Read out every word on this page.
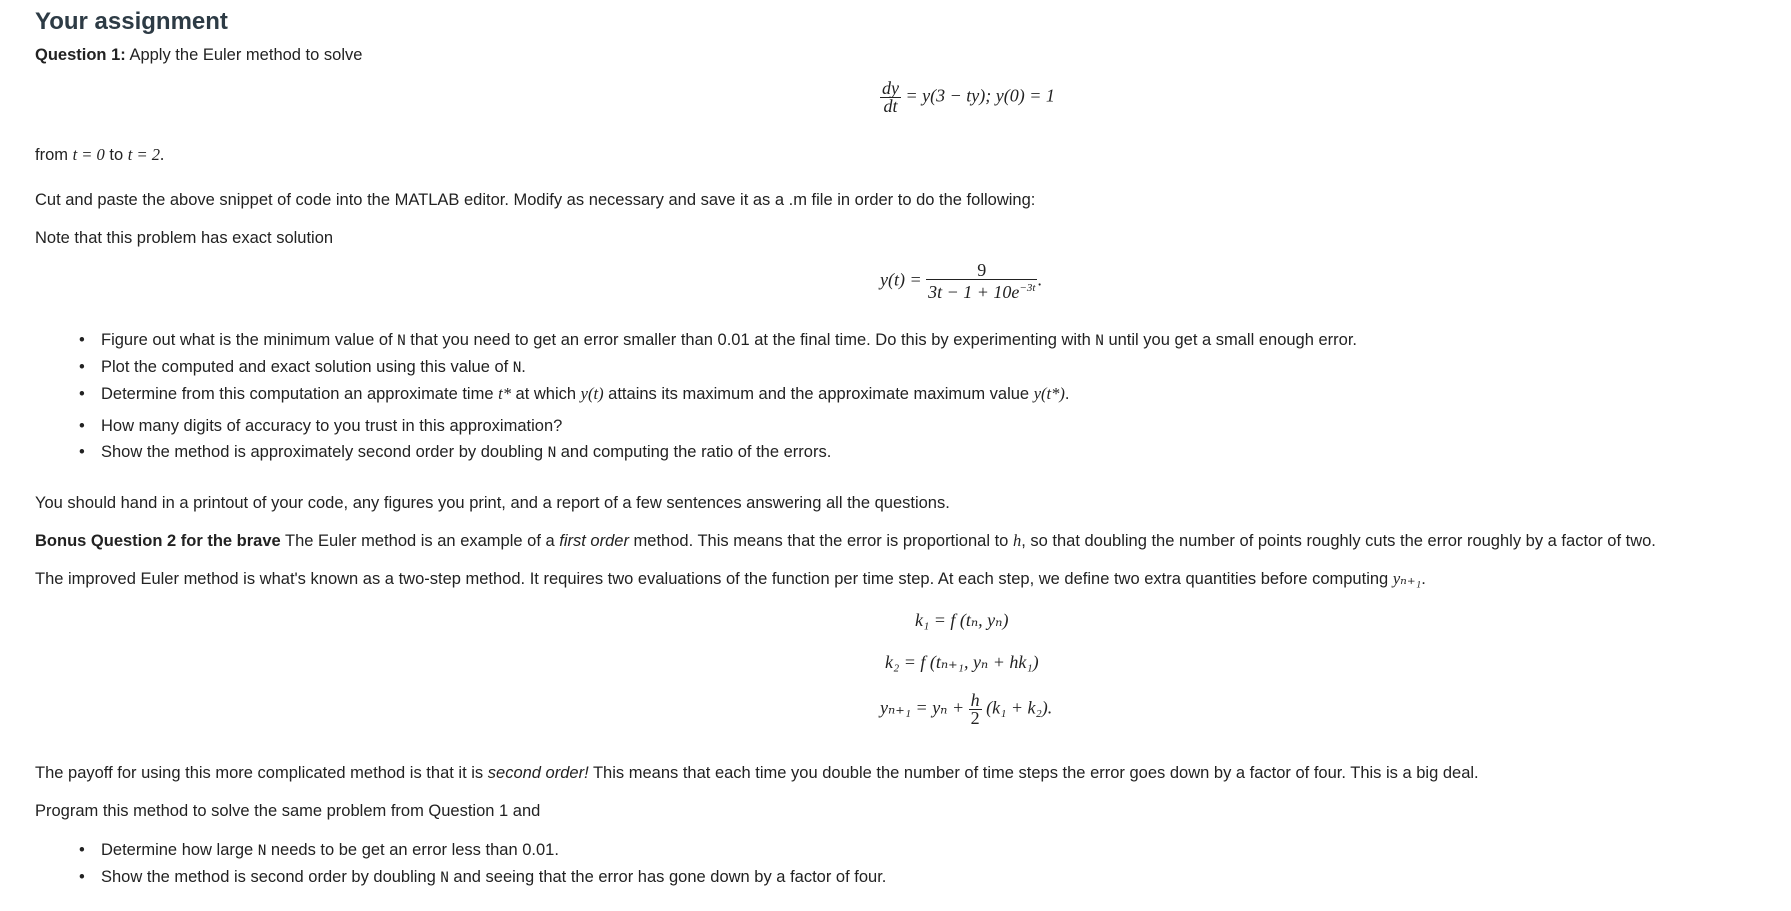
Your assignment
Question 1: Apply the Euler method to solve
$\frac{dy}{dt} = y(3 - ty)$; y(0) = 1
from t = 0 to t = 2.
Cut and paste the above snippet of code into the MATLAB editor. Modify as necessary and save it as a .m file in order to do the following:
Note that this problem has exact solution
$y(t) = \frac{9}{3t - 1 + 10e^{-3t}}$ .
• Figure out what is the minimum value of N that you need to get an error smaller than 0.01 at the final time. Do this by experimenting with N until you get a small enough error.
• Plot the computed and exact solution using this value of N.
• Determine from this computation an approximate time t* at which y(t) attains its maximum and the approximate maximum value y(t*).
• How many digits of accuracy to you trust in this approximation?
• Show the method is approximately second order by doubling N and computing the ratio of the errors.
You should hand in a printout of your code, any figures you print, and a report of a few sentences answering all the questions.
Bonus Question 2 for the brave The Euler method is an example of a first order method. This means that the error is proportional to h, so that doubling the number of points roughly cuts the error roughly by a factor of two.
The improved Euler method is what's known as a two-step method. It requires two evaluations of the function per time step. At each step, we define two extra quantities before computing yₙ₊₁.
k₁ = f (tₙ, yₙ)
k₂ = f (tₙ₊₁, yₙ + hk₁)
$y_{n+1} = y_n + \frac{h}{2} (k_1 + k_2)$.
The payoff for using this more complicated method is that it is second order! This means that each time you double the number of time steps the error goes down by a factor of four. This is a big deal.
Program this method to solve the same problem from Question 1 and
• Determine how large N needs to be get an error less than 0.01.
• Show the method is second order by doubling N and seeing that the error has gone down by a factor of four.
